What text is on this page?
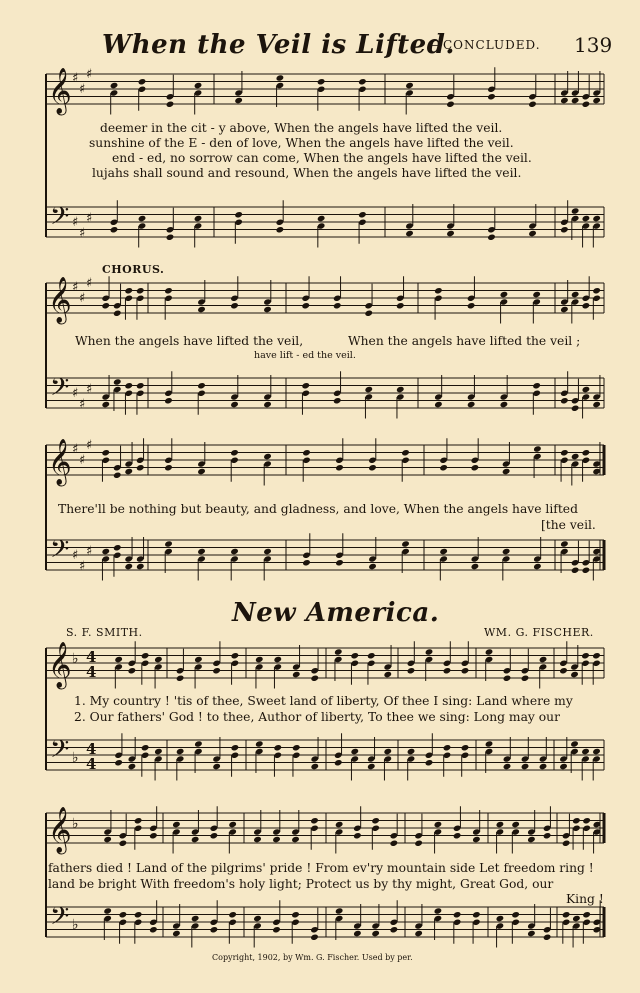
When the Veil is Lifted.
—CONCLUDED. 139
𝄞
𝄢
♯
♯
♯
♯
♯
♯
𝄞
𝄢
♯
♯
♯
♯
♯
♯
𝄞
𝄢
♯
♯
♯
♯
♯
♯
𝄞
𝄢
♭
♭
4
4
4
4
𝄞
𝄢
♭
♭
deemer in the cit - y above, When the angels have lifted the veil.
sunshine of the E - den of love, When the angels have lifted the veil.
end - ed, no sorrow can come, When the angels have lifted the veil.
lujahs shall sound and resound, When the angels have lifted the veil.
CHORUS.
When the angels have lifted the veil,	When the angels have lifted the veil ;
have lift - ed the veil.
There'll be nothing but beauty, and gladness, and love, When the angels have lifted
[the veil.
New America.
S. F. SMITH.	WM. G. FISCHER.
1. My country ! 'tis of thee, Sweet land of liberty, Of thee I sing: Land where my
2. Our fathers' God ! to thee, Author of liberty, To thee we sing: Long may our
fathers died ! Land of the pilgrims' pride ! From ev'ry mountain side Let freedom ring !
land be bright With freedom's holy light; Protect us by thy might, Great God, our
King !
Copyright, 1902, by Wm. G. Fischer. Used by per.
